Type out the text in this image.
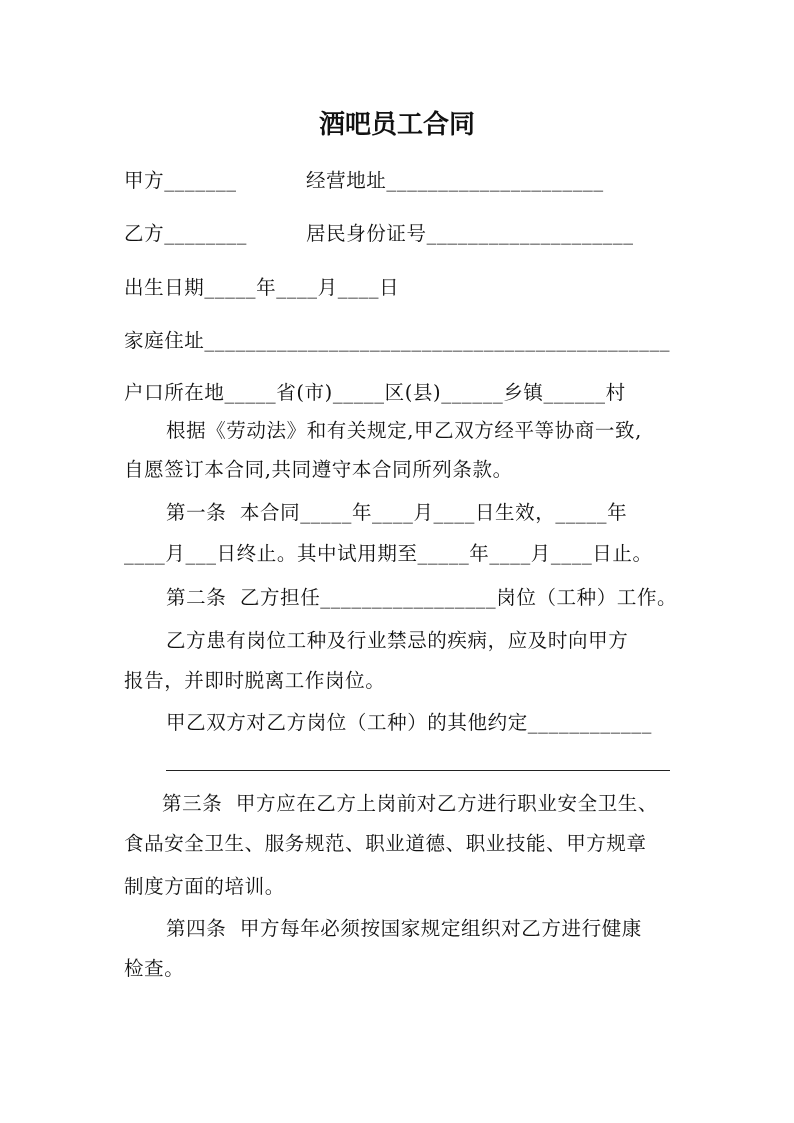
酒吧员工合同
甲方_______	经营地址_____________________
乙方________	居民身份证号____________________
出生日期_____年____月____日
家庭住址_____________________________________________
户口所在地_____省(市)_____区(县)______乡镇______村
根据《劳动法》和有关规定,甲乙双方经平等协商一致,
自愿签订本合同,共同遵守本合同所列条款。
第一条  本合同_____年____月____日生效，_____年
____月___日终止。其中试用期至_____年____月____日止。
第二条  乙方担任_________________岗位（工种）工作。
乙方患有岗位工种及行业禁忌的疾病，应及时向甲方
报告，并即时脱离工作岗位。
甲乙双方对乙方岗位（工种）的其他约定____________
第三条  甲方应在乙方上岗前对乙方进行职业安全卫生、
食品安全卫生、服务规范、职业道德、职业技能、甲方规章
制度方面的培训。
第四条  甲方每年必须按国家规定组织对乙方进行健康
检查。
